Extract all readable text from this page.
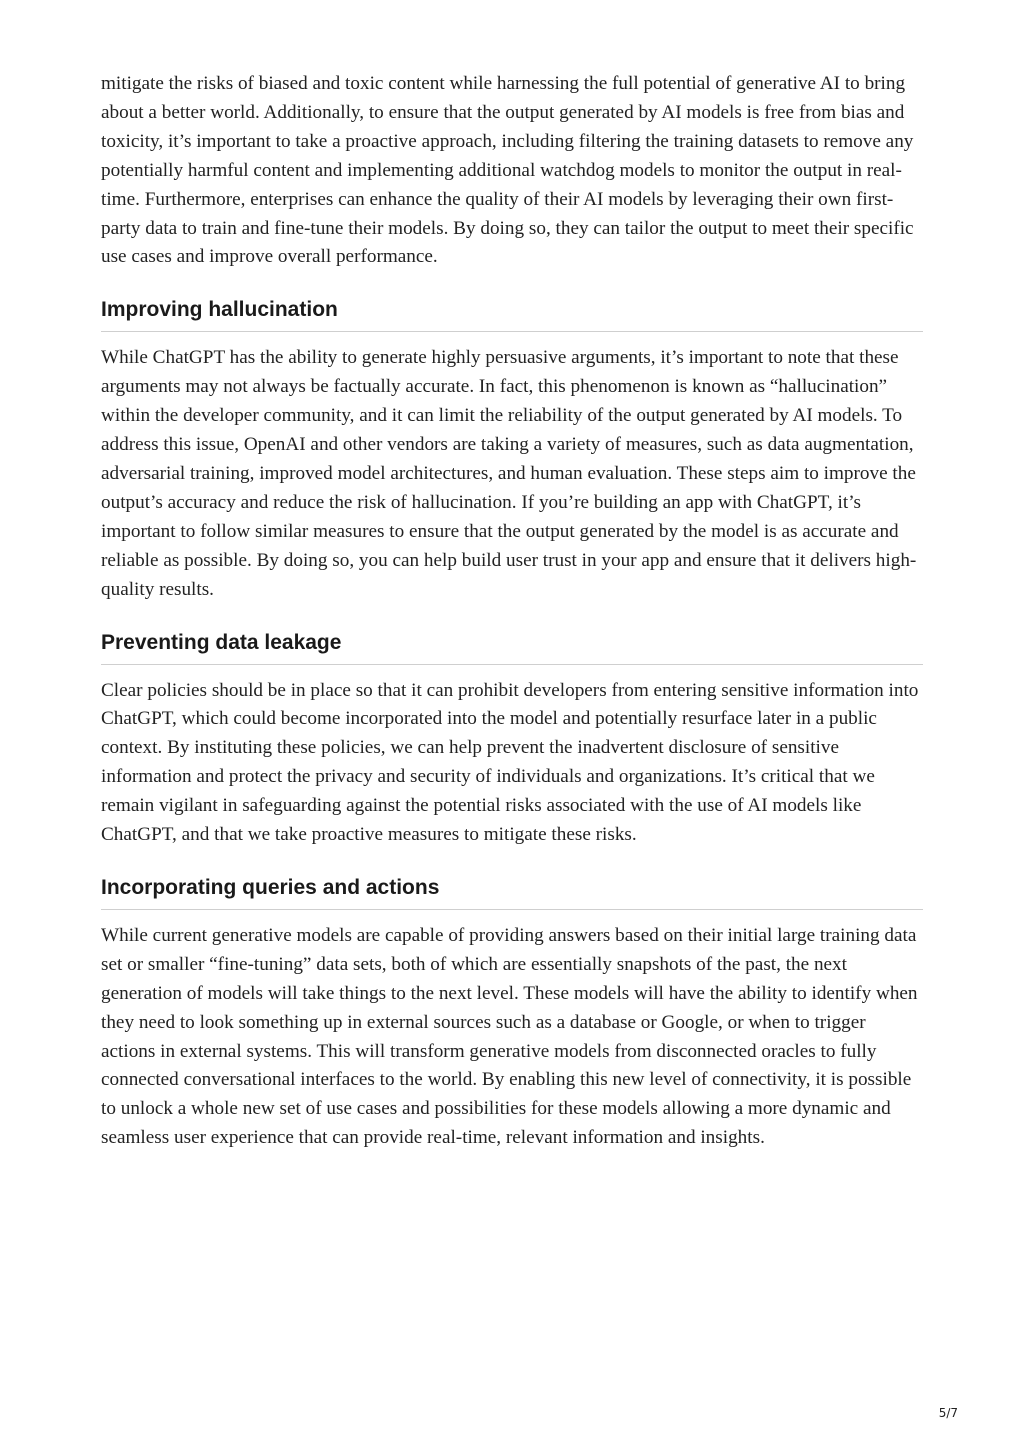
mitigate the risks of biased and toxic content while harnessing the full potential of generative AI to bring about a better world. Additionally, to ensure that the output generated by AI models is free from bias and toxicity, it’s important to take a proactive approach, including filtering the training datasets to remove any potentially harmful content and implementing additional watchdog models to monitor the output in real-time. Furthermore, enterprises can enhance the quality of their AI models by leveraging their own first-party data to train and fine-tune their models. By doing so, they can tailor the output to meet their specific use cases and improve overall performance.

Improving hallucination

While ChatGPT has the ability to generate highly persuasive arguments, it’s important to note that these arguments may not always be factually accurate. In fact, this phenomenon is known as “hallucination” within the developer community, and it can limit the reliability of the output generated by AI models. To address this issue, OpenAI and other vendors are taking a variety of measures, such as data augmentation, adversarial training, improved model architectures, and human evaluation. These steps aim to improve the output’s accuracy and reduce the risk of hallucination. If you’re building an app with ChatGPT, it’s important to follow similar measures to ensure that the output generated by the model is as accurate and reliable as possible. By doing so, you can help build user trust in your app and ensure that it delivers high-quality results.

Preventing data leakage

Clear policies should be in place so that it can prohibit developers from entering sensitive information into ChatGPT, which could become incorporated into the model and potentially resurface later in a public context. By instituting these policies, we can help prevent the inadvertent disclosure of sensitive information and protect the privacy and security of individuals and organizations. It’s critical that we remain vigilant in safeguarding against the potential risks associated with the use of AI models like ChatGPT, and that we take proactive measures to mitigate these risks.

Incorporating queries and actions

While current generative models are capable of providing answers based on their initial large training data set or smaller “fine-tuning” data sets, both of which are essentially snapshots of the past, the next generation of models will take things to the next level. These models will have the ability to identify when they need to look something up in external sources such as a database or Google, or when to trigger actions in external systems. This will transform generative models from disconnected oracles to fully connected conversational interfaces to the world. By enabling this new level of connectivity, it is possible to unlock a whole new set of use cases and possibilities for these models allowing a more dynamic and seamless user experience that can provide real-time, relevant information and insights.

5/7
